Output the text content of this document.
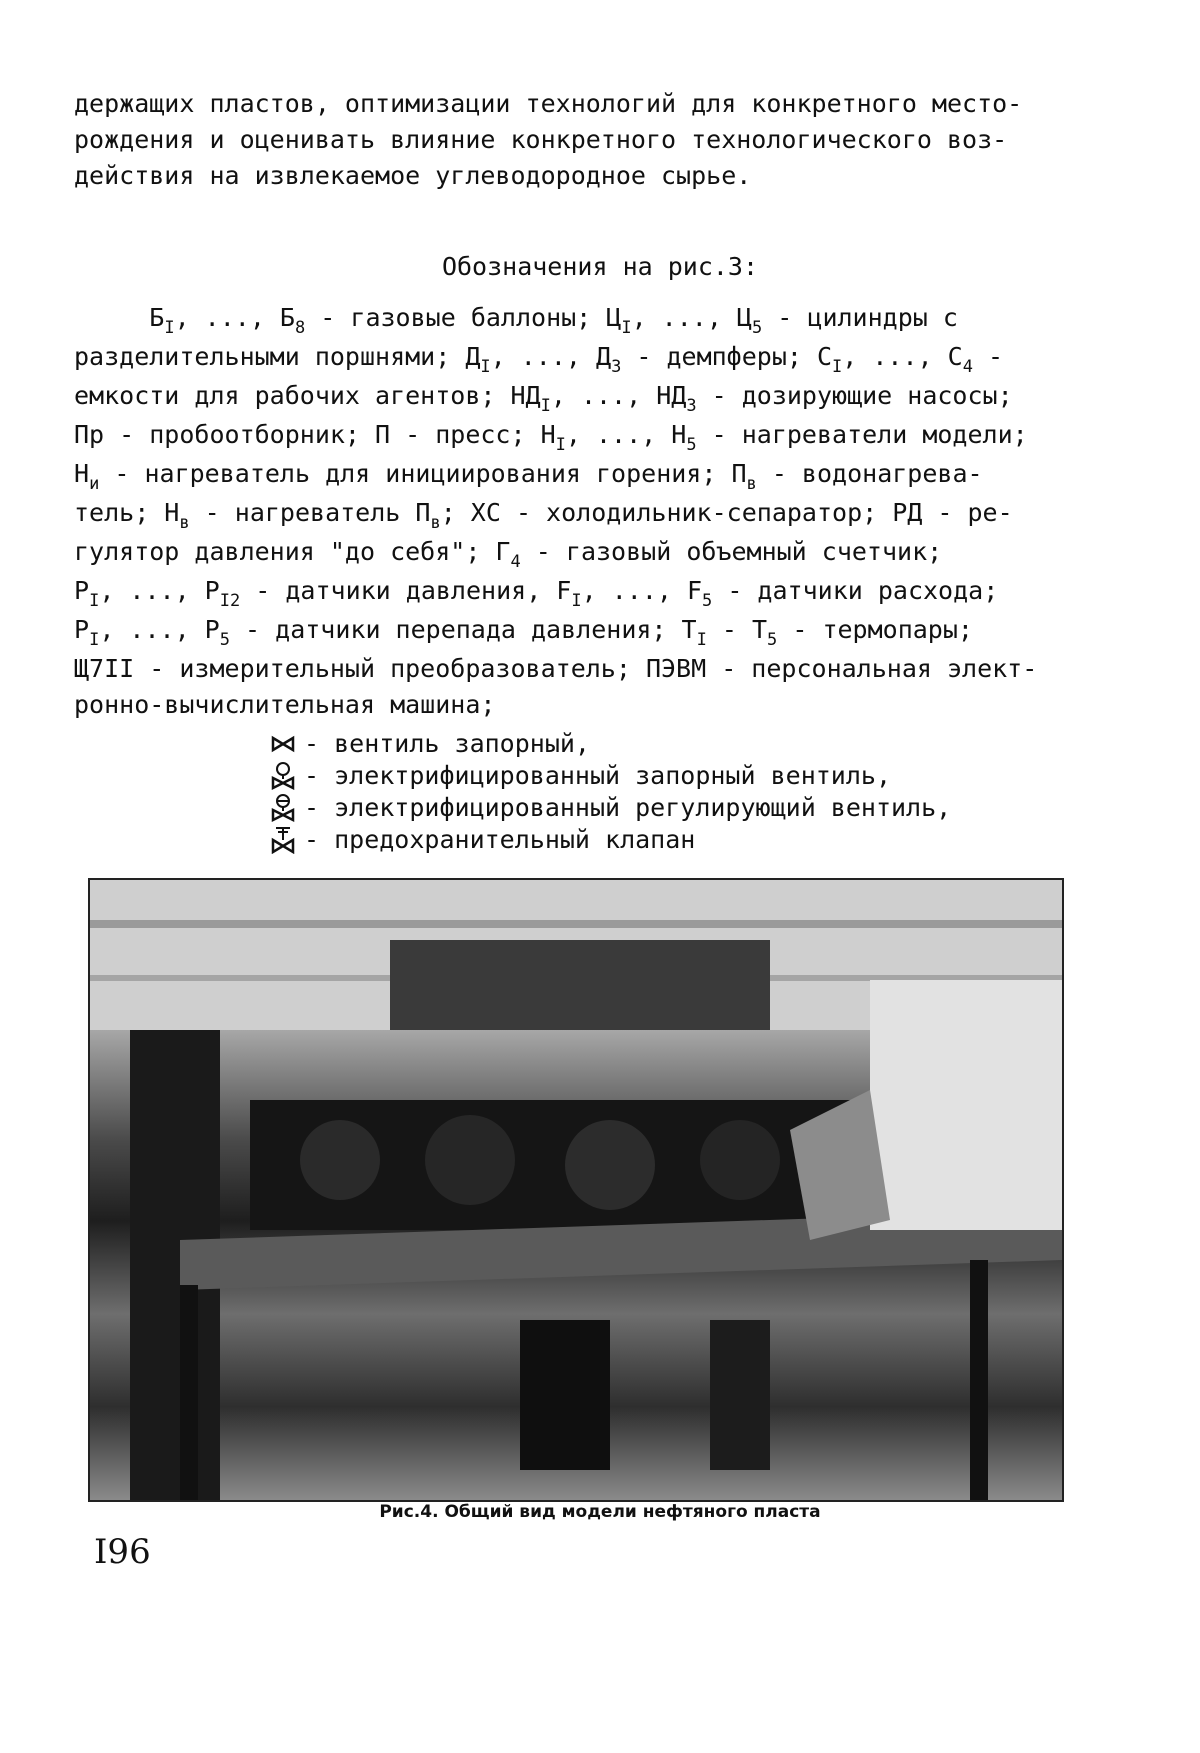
держащих пластов, оптимизации технологий для конкретного место-
рождения и оценивать влияние конкретного технологического воз-
действия на извлекаемое углеводородное сырье.
Обозначения на рис.3:
$Б_I$, ..., $Б_8$ - газовые баллоны; $Ц_I$, ..., $Ц_5$ - цилиндры с
разделительными поршнями; $Д_I$, ..., $Д_3$ - демпферы; $С_I$, ..., $С_4$ -
емкости для рабочих агентов; $НД_I$, ..., $НД_3$ - дозирующие насосы;
Пр - пробоотборник; П - пресс; $Н_I$, ..., $Н_5$ - нагреватели модели;
$Н_и$ - нагреватель для инициирования горения; $П_в$ - водонагрева-
тель; $Н_в$ - нагреватель $П_в$; ХС - холодильник-сепаратор; РД - ре-
гулятор давления "до себя"; $Г_4$ - газовый объемный счетчик;
$Р_I$, ..., $Р_{I2}$ - датчики давления, $F_I$, ..., $F_5$ - датчики расхода;
$Р_I$, ..., $Р_5$ - датчики перепада давления; $Т_I - Т_5$ - термопары;
Щ7II - измерительный преобразователь; ПЭВМ - персональная элект-
ронно-вычислительная машина;
- вентиль запорный,
- электрифицированный запорный вентиль,
- электрифицированный регулирующий вентиль,
- предохранительный клапан
Рис.4. Общий вид модели нефтяного пласта
I96
